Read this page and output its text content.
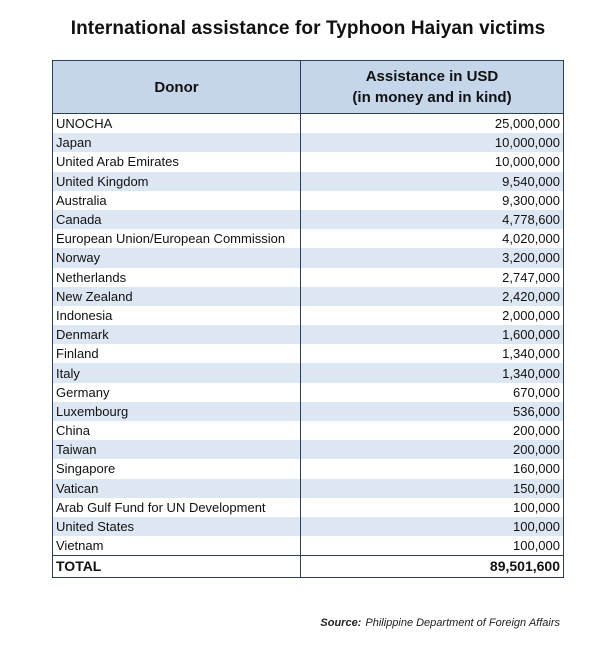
International assistance for Typhoon Haiyan victims
Donor	Assistance in USD
(in money and in kind)

UNOCHA	25,000,000
Japan	10,000,000
United Arab Emirates	10,000,000
United Kingdom	9,540,000
Australia	9,300,000
Canada	4,778,600
European Union/European Commission	4,020,000
Norway	3,200,000
Netherlands	2,747,000
New Zealand	2,420,000
Indonesia	2,000,000
Denmark	1,600,000
Finland	1,340,000
Italy	1,340,000
Germany	670,000
Luxembourg	536,000
China	200,000
Taiwan	200,000
Singapore	160,000
Vatican	150,000
Arab Gulf Fund for UN Development	100,000
United States	100,000
Vietnam	100,000
TOTAL	89,501,600
Source: Philippine Department of Foreign Affairs
